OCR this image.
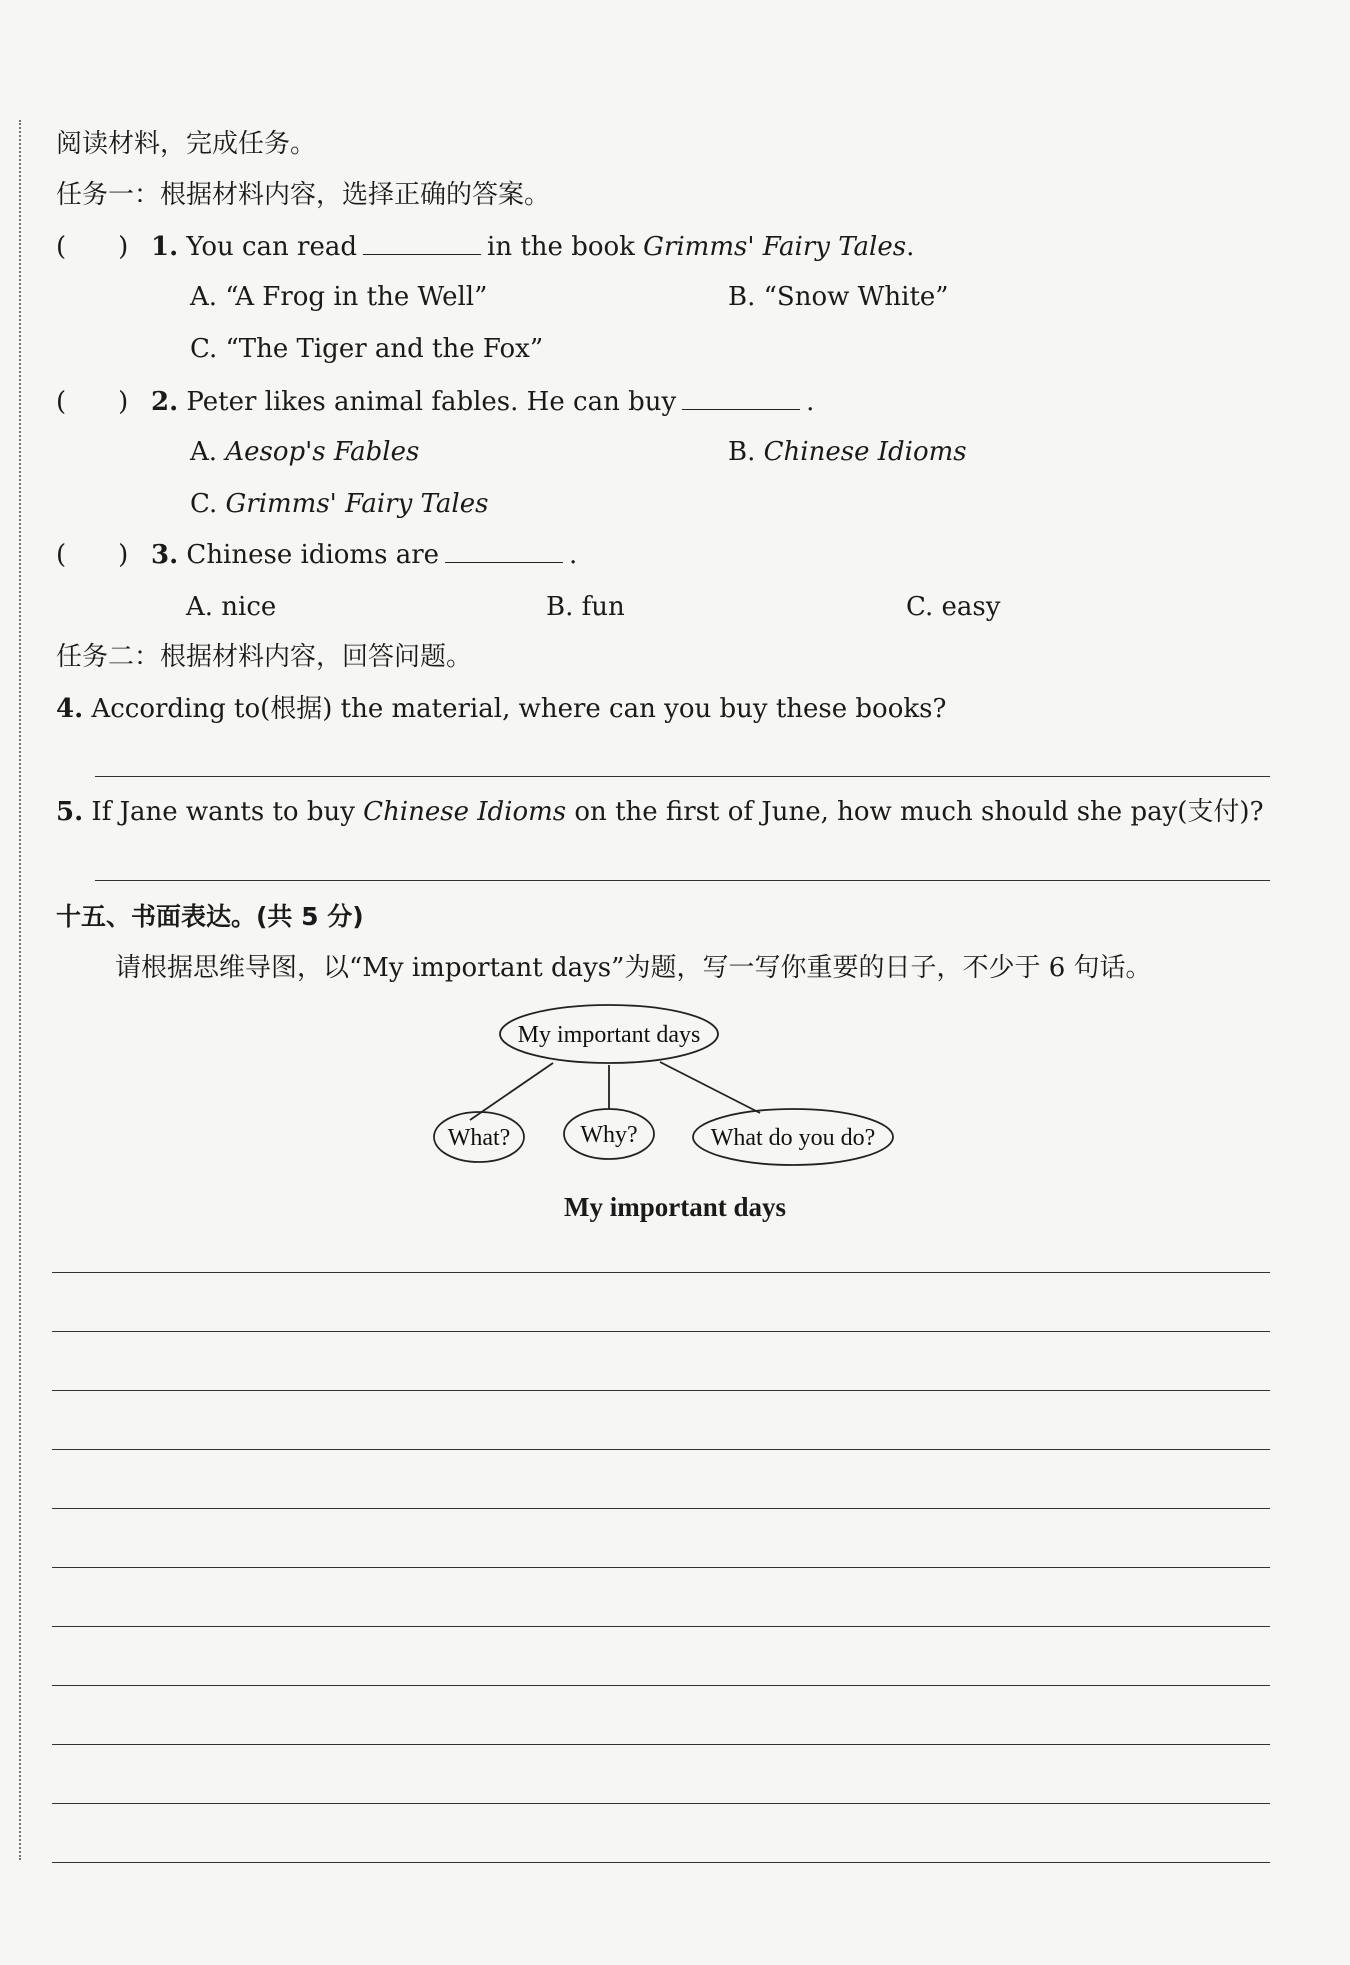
阅读材料，完成任务。
任务一：根据材料内容，选择正确的答案。
(　　) 1. You can read	in the book Grimms' Fairy Tales.
A. “A Frog in the Well”	B. “Snow White”
C. “The Tiger and the Fox”
(　　) 2. Peter likes animal fables. He can buy	.
A. Aesop's Fables	B. Chinese Idioms
C. Grimms' Fairy Tales
(　　) 3. Chinese idioms are	.
A. nice	B. fun	C. easy
任务二：根据材料内容，回答问题。
4. According to(根据) the material, where can you buy these books?
5. If Jane wants to buy Chinese Idioms on the first of June, how much should she pay(支付)?
十五、书面表达。(共 5 分)
请根据思维导图，以“My important days”为题，写一写你重要的日子，不少于 6 句话。
My important days
What?	Why?	What do you do?
My important days
